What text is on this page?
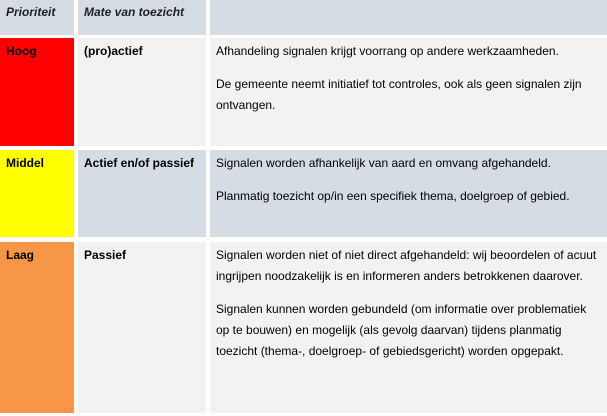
Prioriteit	Mate van toezicht
Hoog	(pro)actief	Afhandeling signalen krijgt voorrang op andere werkzaamheden.

De gemeente neemt initiatief tot controles, ook als geen signalen zijn ontvangen.

Middel	Actief en/of passief	Signalen worden afhankelijk van aard en omvang afgehandeld.

Planmatig toezicht op/in een specifiek thema, doelgroep of gebied.

Laag	Passief	Signalen worden niet of niet direct afgehandeld: wij beoordelen of acuut ingrijpen noodzakelijk is en informeren anders betrokkenen daarover.

Signalen kunnen worden gebundeld (om informatie over problematiek op te bouwen) en mogelijk (als gevolg daarvan) tijdens planmatig toezicht (thema-, doelgroep- of gebiedsgericht) worden opgepakt.
